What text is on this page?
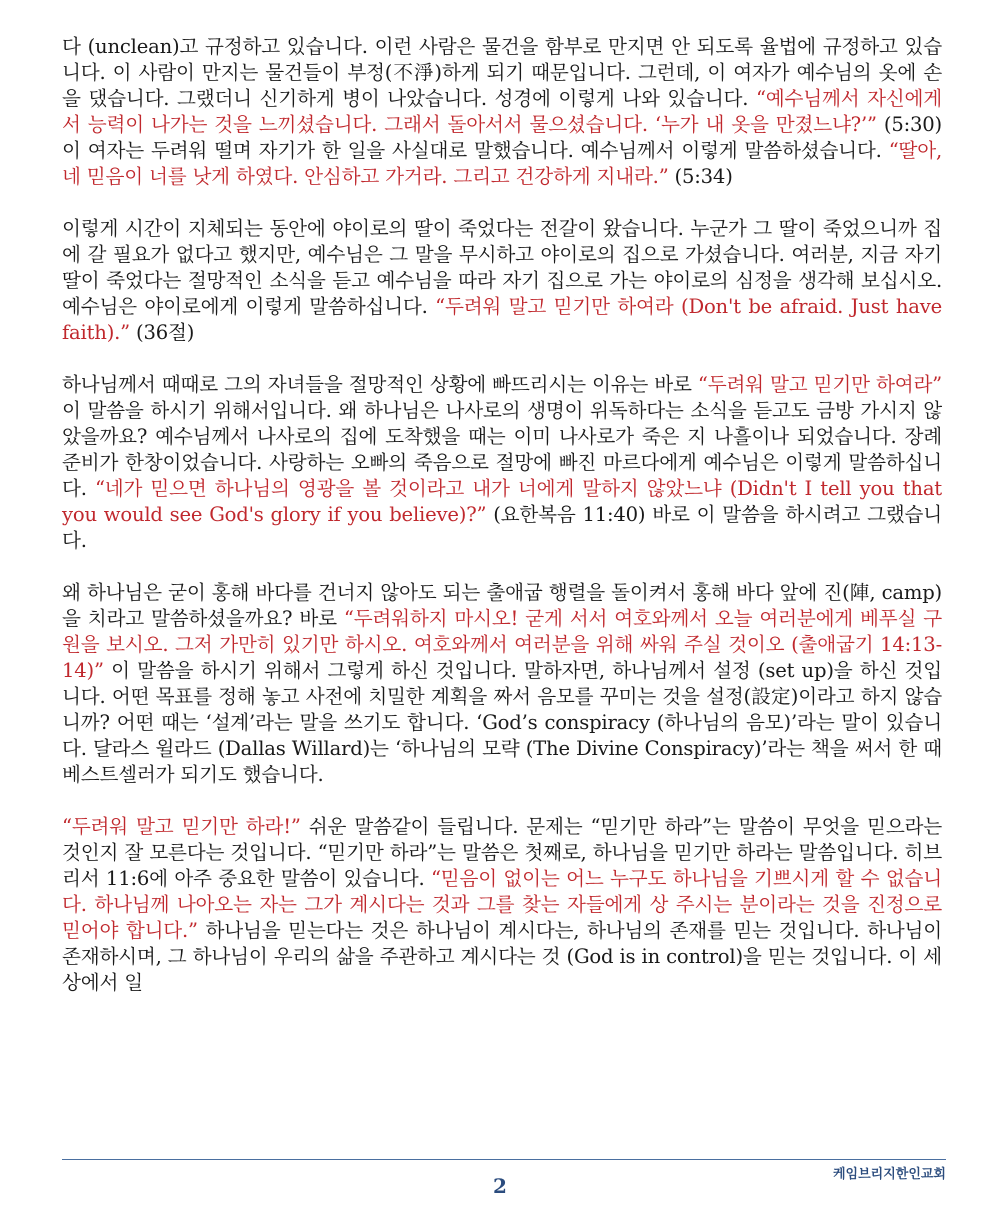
다 (unclean)고 규정하고 있습니다. 이런 사람은 물건을 함부로 만지면 안 되도록 율법에 규정하고 있습니다. 이 사람이 만지는 물건들이 부정(不淨)하게 되기 때문입니다. 그런데, 이 여자가 예수님의 옷에 손을 댔습니다. 그랬더니 신기하게 병이 나았습니다. 성경에 이렇게 나와 있습니다. “예수님께서 자신에게서 능력이 나가는 것을 느끼셨습니다. 그래서 돌아서서 물으셨습니다. ‘누가 내 옷을 만졌느냐?’” (5:30) 이 여자는 두려워 떨며 자기가 한 일을 사실대로 말했습니다. 예수님께서 이렇게 말씀하셨습니다. “딸아, 네 믿음이 너를 낫게 하였다. 안심하고 가거라. 그리고 건강하게 지내라.” (5:34)

이렇게 시간이 지체되는 동안에 야이로의 딸이 죽었다는 전갈이 왔습니다. 누군가 그 딸이 죽었으니까 집에 갈 필요가 없다고 했지만, 예수님은 그 말을 무시하고 야이로의 집으로 가셨습니다. 여러분, 지금 자기 딸이 죽었다는 절망적인 소식을 듣고 예수님을 따라 자기 집으로 가는 야이로의 심정을 생각해 보십시오. 예수님은 야이로에게 이렇게 말씀하십니다. “두려워 말고 믿기만 하여라 (Don't be afraid. Just have faith).” (36절)

하나님께서 때때로 그의 자녀들을 절망적인 상황에 빠뜨리시는 이유는 바로 “두려워 말고 믿기만 하여라” 이 말씀을 하시기 위해서입니다. 왜 하나님은 나사로의 생명이 위독하다는 소식을 듣고도 금방 가시지 않았을까요? 예수님께서 나사로의 집에 도착했을 때는 이미 나사로가 죽은 지 나흘이나 되었습니다. 장례 준비가 한창이었습니다. 사랑하는 오빠의 죽음으로 절망에 빠진 마르다에게 예수님은 이렇게 말씀하십니다. “네가 믿으면 하나님의 영광을 볼 것이라고 내가 너에게 말하지 않았느냐 (Didn't I tell you that you would see God's glory if you believe)?” (요한복음 11:40) 바로 이 말씀을 하시려고 그랬습니다.

왜 하나님은 굳이 홍해 바다를 건너지 않아도 되는 출애굽 행렬을 돌이켜서 홍해 바다 앞에 진(陣, camp)을 치라고 말씀하셨을까요? 바로 “두려워하지 마시오! 굳게 서서 여호와께서 오늘 여러분에게 베푸실 구원을 보시오. 그저 가만히 있기만 하시오. 여호와께서 여러분을 위해 싸워 주실 것이오 (출애굽기 14:13-14)” 이 말씀을 하시기 위해서 그렇게 하신 것입니다. 말하자면, 하나님께서 설정 (set up)을 하신 것입니다. 어떤 목표를 정해 놓고 사전에 치밀한 계획을 짜서 음모를 꾸미는 것을 설정(設定)이라고 하지 않습니까? 어떤 때는 ‘설계’라는 말을 쓰기도 합니다. ‘God’s conspiracy (하나님의 음모)’라는 말이 있습니다. 달라스 윌라드 (Dallas Willard)는 ‘하나님의 모략 (The Divine Conspiracy)’라는 책을 써서 한 때 베스트셀러가 되기도 했습니다.

“두려워 말고 믿기만 하라!” 쉬운 말씀같이 들립니다. 문제는 “믿기만 하라”는 말씀이 무엇을 믿으라는 것인지 잘 모른다는 것입니다. “믿기만 하라”는 말씀은 첫째로, 하나님을 믿기만 하라는 말씀입니다. 히브리서 11:6에 아주 중요한 말씀이 있습니다. “믿음이 없이는 어느 누구도 하나님을 기쁘시게 할 수 없습니다. 하나님께 나아오는 자는 그가 계시다는 것과 그를 찾는 자들에게 상 주시는 분이라는 것을 진정으로 믿어야 합니다.” 하나님을 믿는다는 것은 하나님이 계시다는, 하나님의 존재를 믿는 것입니다. 하나님이 존재하시며, 그 하나님이 우리의 삶을 주관하고 계시다는 것 (God is in control)을 믿는 것입니다. 이 세상에서 일

케임브리지한인교회
2
